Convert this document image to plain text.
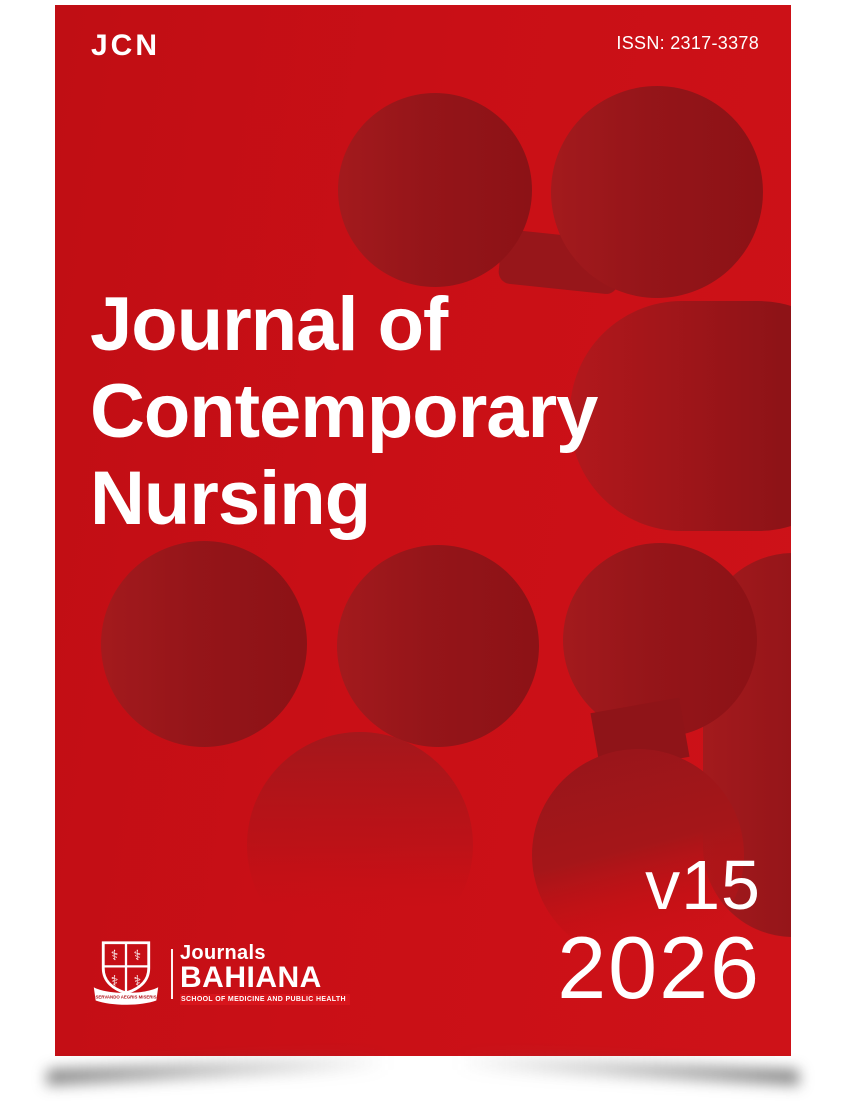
JCN	ISSN: 2317-3378
Journal of
Contemporary
Nursing
v15
2026
⚕ ⚕
⚕ ⚕
SERVANDO AEGRIS MISERIS
Journals
BAHIANA
SCHOOL OF MEDICINE AND PUBLIC HEALTH
